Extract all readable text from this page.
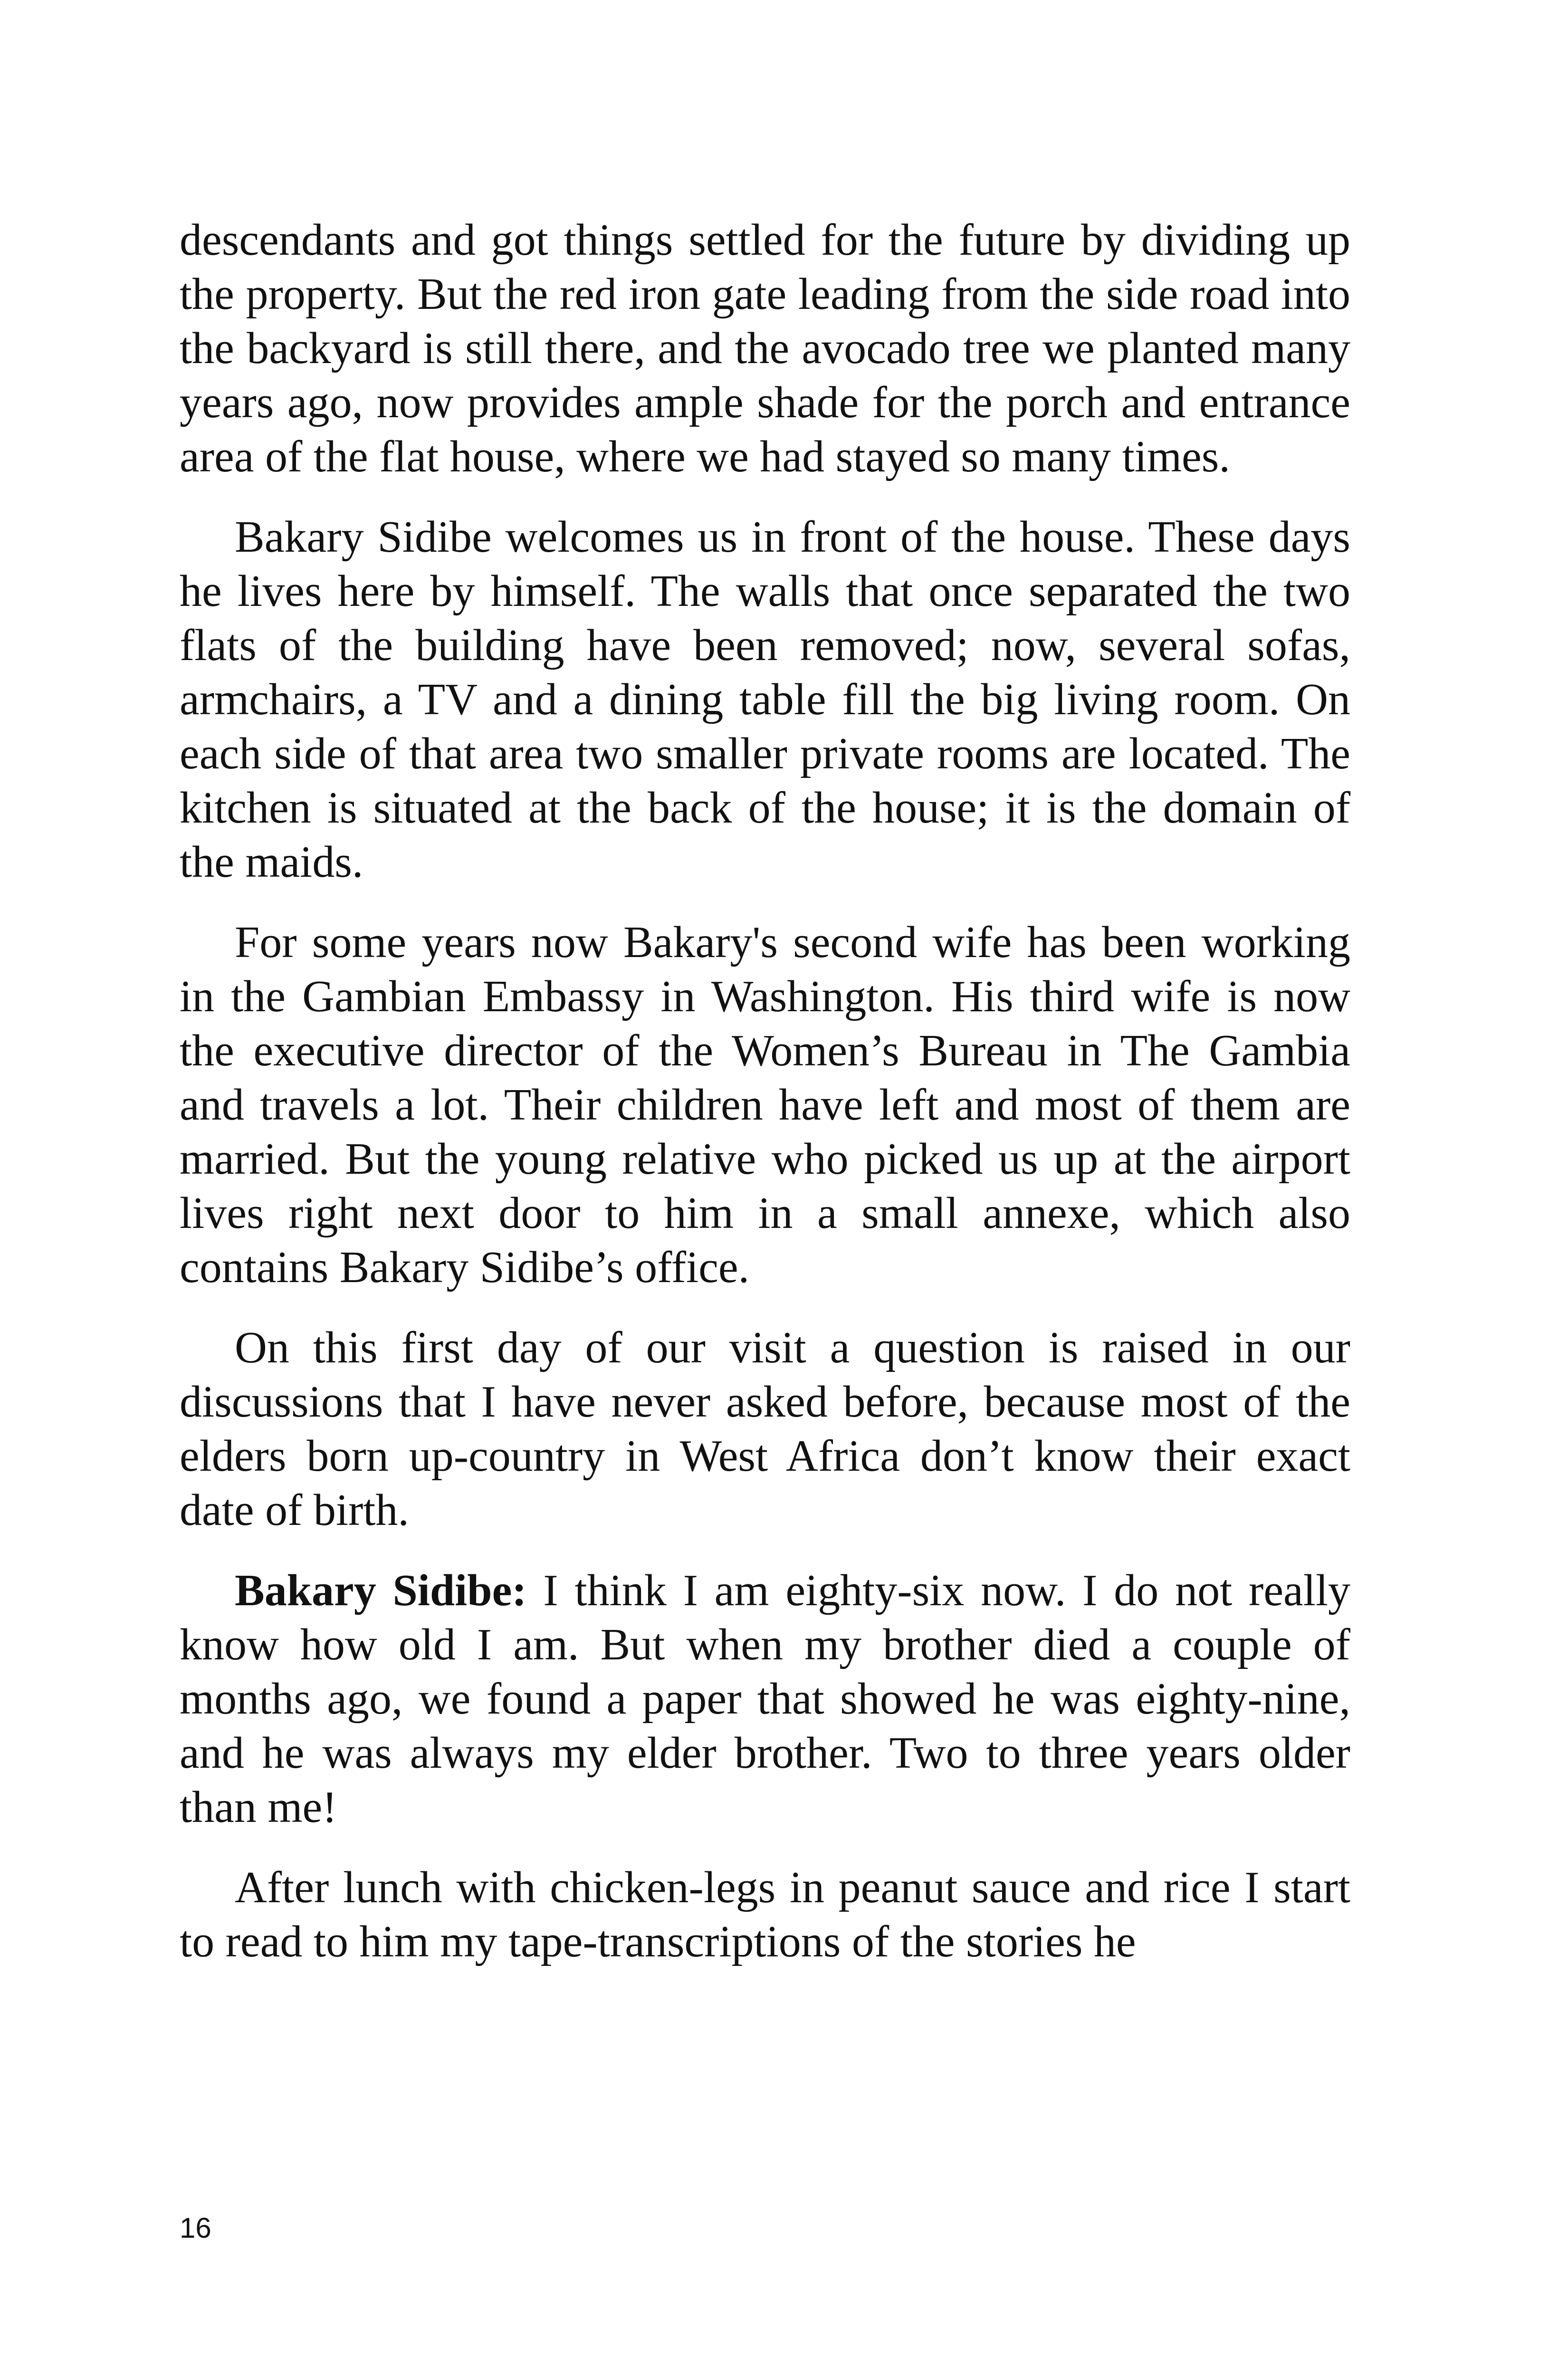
descendants and got things settled for the future by dividing up the property. But the red iron gate leading from the side road into the backyard is still there, and the avocado tree we planted many years ago, now provides ample shade for the porch and entrance area of the flat house, where we had stayed so many times.

Bakary Sidibe welcomes us in front of the house. These days he lives here by himself. The walls that once separated the two flats of the building have been removed; now, several sofas, armchairs, a TV and a dining table fill the big living room. On each side of that area two smaller private rooms are located. The kitchen is situated at the back of the house; it is the domain of the maids.

For some years now Bakary's second wife has been working in the Gambian Embassy in Washington. His third wife is now the executive director of the Women’s Bureau in The Gambia and travels a lot. Their children have left and most of them are married. But the young relative who picked us up at the airport lives right next door to him in a small annexe, which also contains Bakary Sidibe’s office.

On this first day of our visit a question is raised in our discussions that I have never asked before, because most of the elders born up-country in West Africa don’t know their exact date of birth.

Bakary Sidibe: I think I am eighty-six now. I do not really know how old I am. But when my brother died a couple of months ago, we found a paper that showed he was eighty-nine, and he was always my elder brother. Two to three years older than me!

After lunch with chicken-legs in peanut sauce and rice I start to read to him my tape-transcriptions of the stories he

16
